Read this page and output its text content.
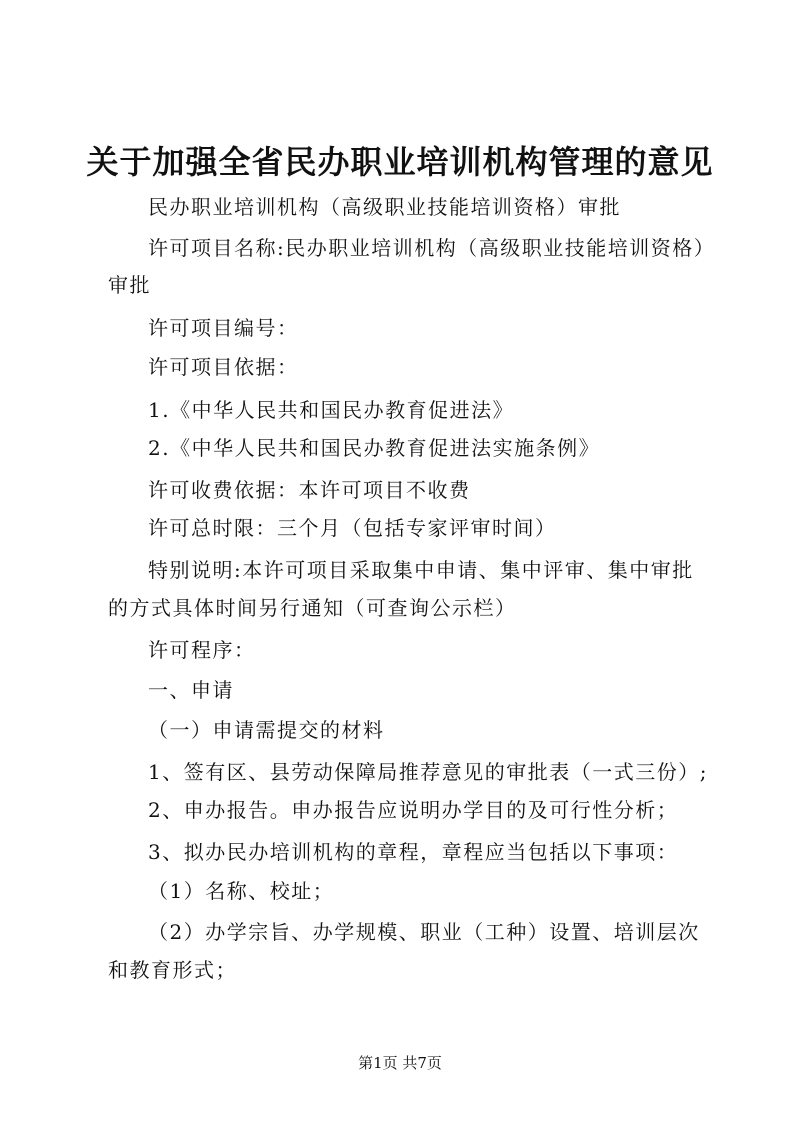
关于加强全省民办职业培训机构管理的意见
民办职业培训机构（高级职业技能培训资格）审批
许可项目名称:民办职业培训机构（高级职业技能培训资格）
审批
许可项目编号：
许可项目依据：
1.《中华人民共和国民办教育促进法》
2.《中华人民共和国民办教育促进法实施条例》
许可收费依据：本许可项目不收费
许可总时限：三个月（包括专家评审时间）
特别说明:本许可项目采取集中申请、集中评审、集中审批
的方式具体时间另行通知（可查询公示栏）
许可程序：
一、申请
（一）申请需提交的材料
1、签有区、县劳动保障局推荐意见的审批表（一式三份）;
2、申办报告。申办报告应说明办学目的及可行性分析；
3、拟办民办培训机构的章程，章程应当包括以下事项：
（1）名称、校址；
（2）办学宗旨、办学规模、职业（工种）设置、培训层次
和教育形式；
第1页 共7页
